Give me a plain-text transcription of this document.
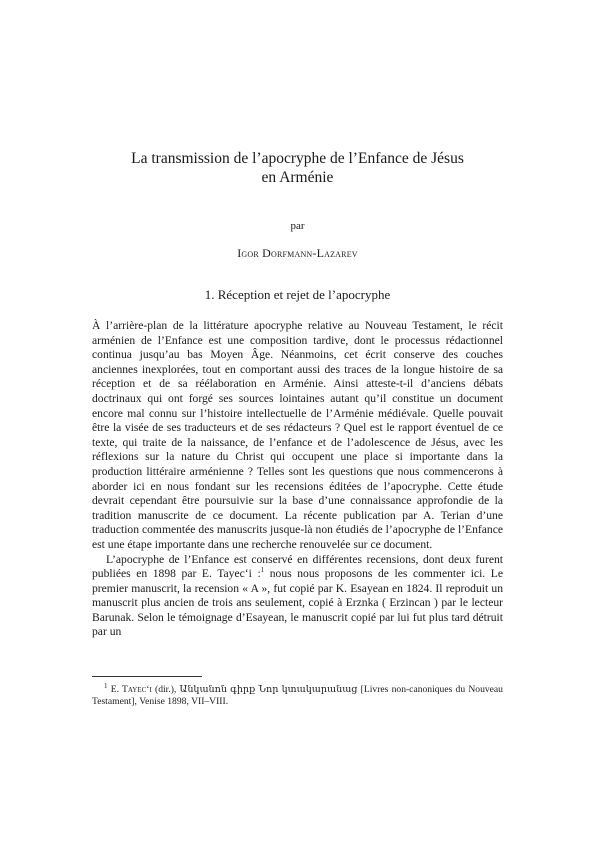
La transmission de l’apocryphe de l’Enfance de Jésus
en Arménie
par
Igor Dorfmann-Lazarev
1. Réception et rejet de l’apocryphe

À l’arrière-plan de la littérature apocryphe relative au Nouveau Testament, le récit arménien de l’Enfance est une composition tardive, dont le processus rédactionnel continua jusqu’au bas Moyen Âge. Néanmoins, cet écrit conserve des couches anciennes inexplorées, tout en comportant aussi des traces de la longue histoire de sa réception et de sa réélaboration en Arménie. Ainsi atteste-t-il d’anciens débats doctrinaux qui ont forgé ses sources lointaines autant qu’il constitue un document encore mal connu sur l’histoire intellectuelle de l’Arménie médiévale. Quelle pouvait être la visée de ses traducteurs et de ses rédacteurs ? Quel est le rapport éventuel de ce texte, qui traite de la naissance, de l’enfance et de l’adolescence de Jésus, avec les réflexions sur la nature du Christ qui occupent une place si importante dans la production littéraire arménienne ? Telles sont les questions que nous commencerons à aborder ici en nous fondant sur les recensions éditées de l’apocryphe. Cette étude devrait cependant être poursuivie sur la base d’une connaissance approfondie de la tradition manuscrite de ce document. La récente publication par A. Terian d’une traduction commentée des manuscrits jusque-là non étudiés de l’apocryphe de l’Enfance est une étape importante dans une recherche renouvelée sur ce document.

L’apocryphe de l’Enfance est conservé en différentes recensions, dont deux furent publiées en 1898 par E. Tayec‘i :$^1$ nous nous proposons de les commenter ici. Le premier manuscrit, la recension « A », fut copié par K. Esayean en 1824. Il reproduit un manuscrit plus ancien de trois ans seulement, copié à Erznka ( Erzincan ) par le lecteur Barunak. Selon le témoignage d’Esayean, le manuscrit copié par lui fut plus tard détruit par un

$^1$ E. Tayec‘i (dir.), Անկանոն գիրք Նոր կտակարանաց [Livres non-canoniques du Nouveau Testament], Venise 1898, VII–VIII.
